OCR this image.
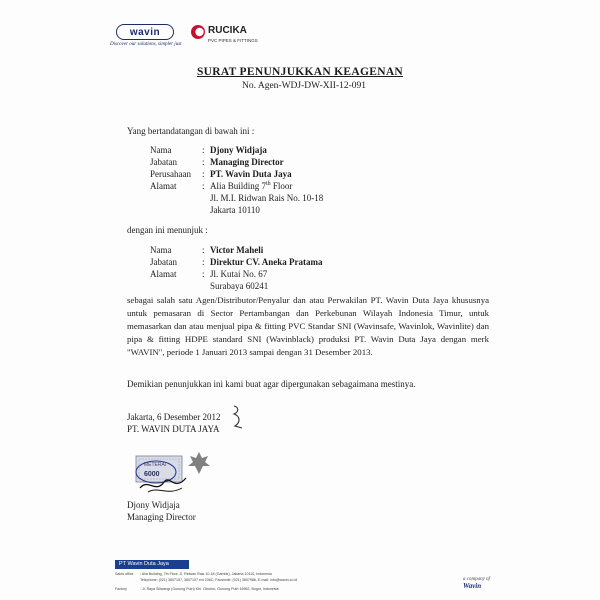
wavin
Discover our solutions, simpler just
RUCIKA
PVC PIPES & FITTINGS
SURAT PENUNJUKKAN KEAGENAN
No. Agen-WDJ-DW-XII-12-091
Yang bertandatangan di bawah ini :
Nama	: Djony Widjaja
Jabatan	: Managing Director
Perusahaan : PT. Wavin Duta Jaya
Alamat	: Alia Building 7th Floor
Jl. M.I. Ridwan Rais No. 10-18
Jakarta 10110
dengan ini menunjuk :
Nama	: Victor Maheli
Jabatan	: Direktur CV. Aneka Pratama
Alamat	: Jl. Kutai No. 67
Surabaya 60241
sebagai salah satu Agen/Distributor/Penyalur dan atau Perwakilan PT. Wavin Duta Jaya khususnya untuk pemasaran di Sector Pertambangan dan Perkebunan Wilayah Indonesia Timur, untuk memasarkan dan atau menjual pipa & fitting PVC Standar SNI (Wavinsafe, Wavinlok, Wavinlite) dan pipa & fitting HDPE standard SNI (Wavinblack) produksi PT. Wavin Duta Jaya dengan merk "WAVIN", periode 1 Januari 2013 sampai dengan 31 Desember 2013.
Demikian penunjukkan ini kami buat agar dipergunakan sebagaimana mestinya.
Jakarta, 6 Desember 2012
PT. WAVIN DUTA JAYA
METERAI
6000
Djony Widjaja
Managing Director
PT Wavin Duta Jaya
Sales office : Alia Building, 7th Floor, Jl. Ridwan Rais 10-18 (Gambir), Jakarta 10110, Indonesia
Telephone: (021) 3807157, 3807107 ext 236C, Facsimile: (021) 3807986, E-mail: info@wavin.co.id
Factory	: Jl. Raya Siliwangi (Gunung Putri) Kel. Cibubur, Gunung Putri 16962, Bogor, Indonesia
a company of
Wavin
